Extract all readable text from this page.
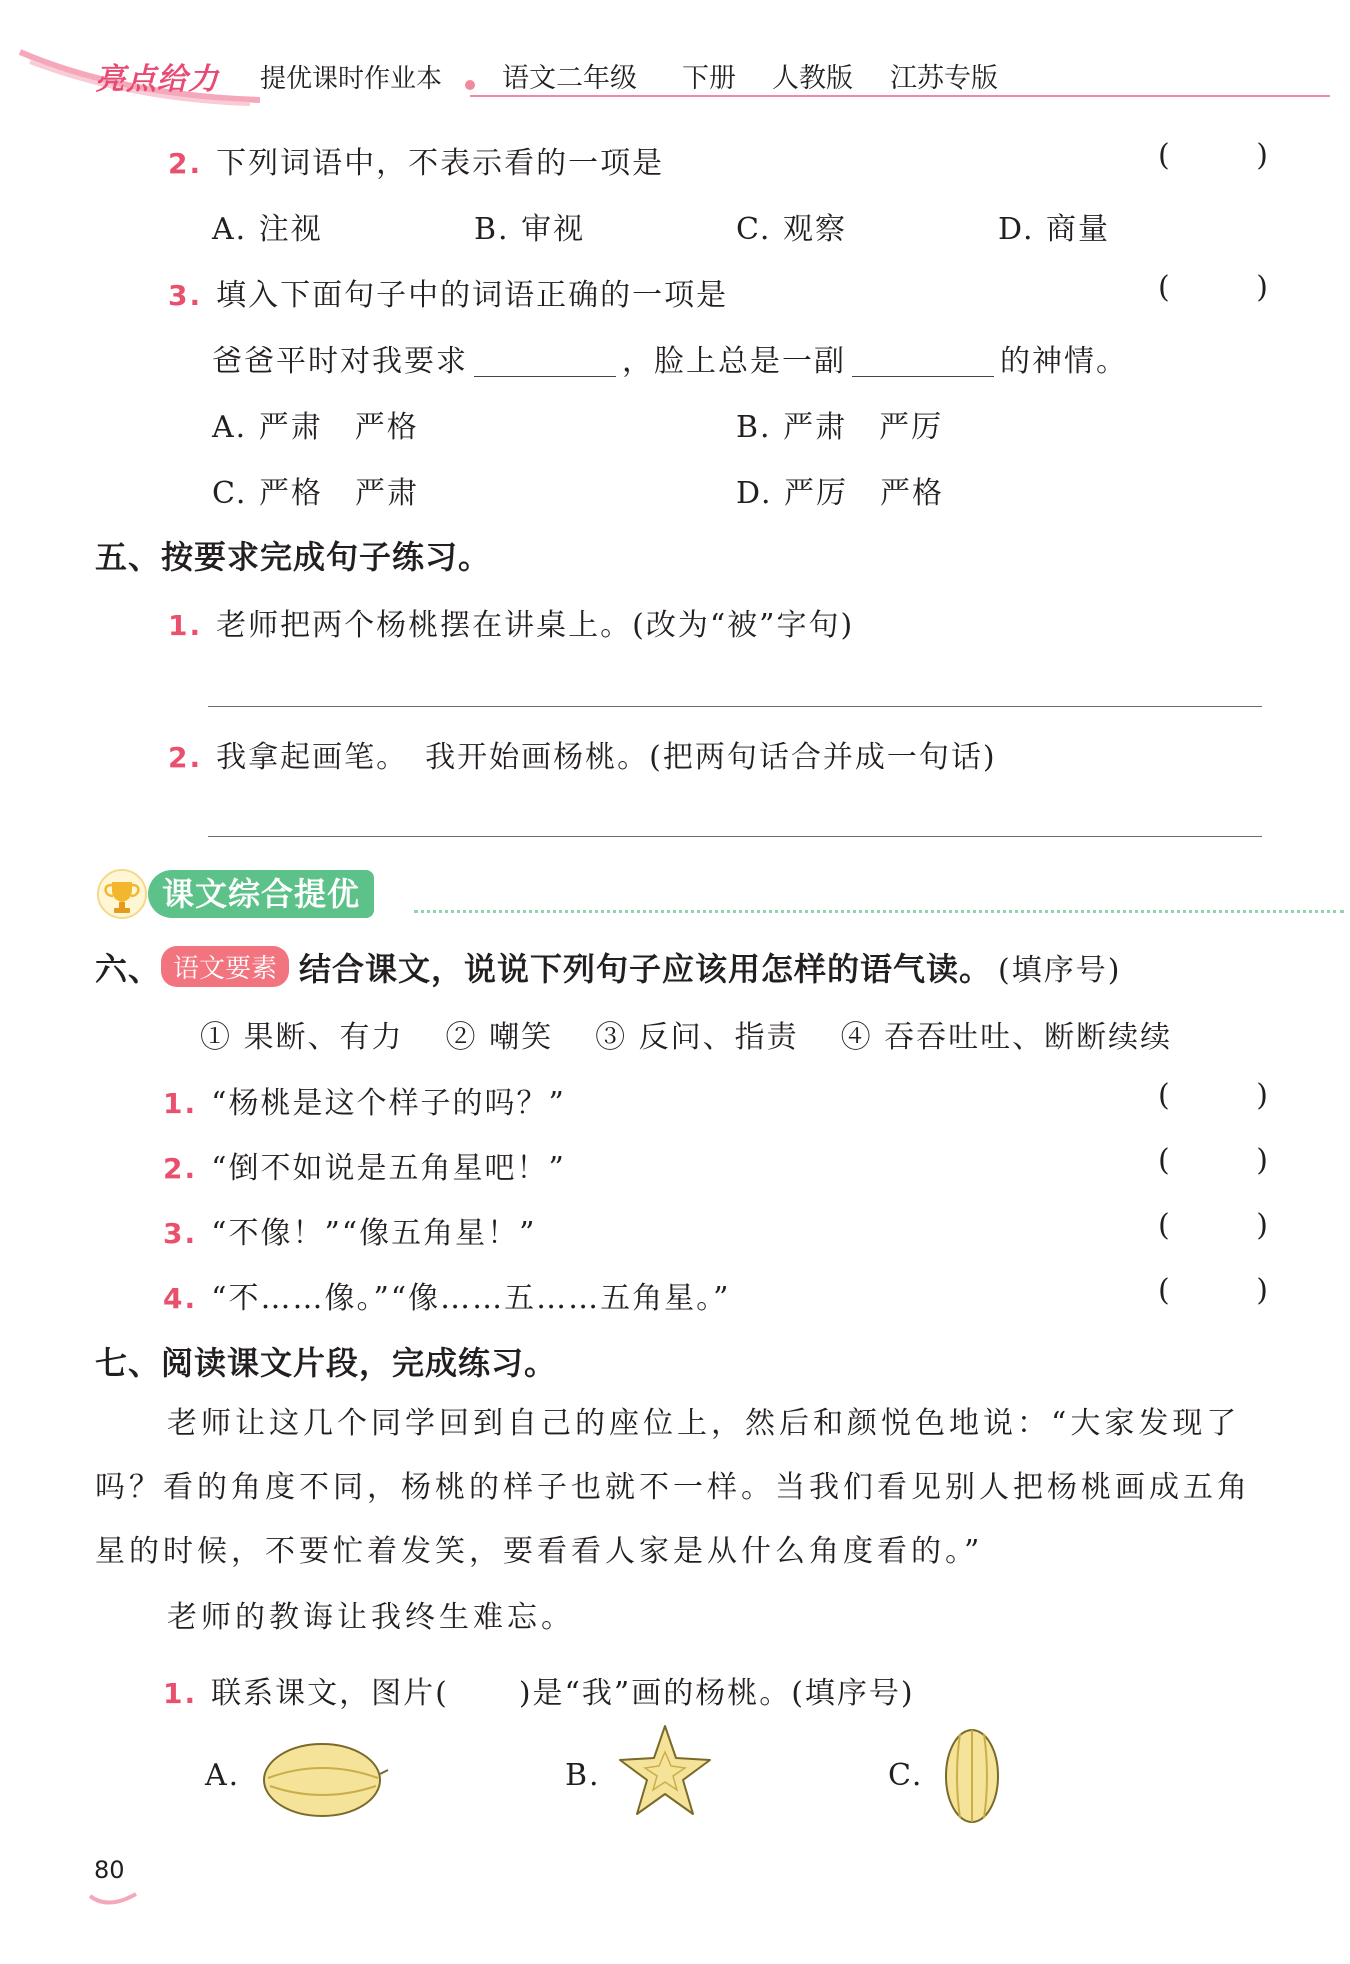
亮点给力 提优课时作业本 语文二年级 下册 人教版 江苏专版
2. 下列词语中，不表示看的一项是	(	)
A. 注视	B. 审视	C. 观察	D. 商量
3. 填入下面句子中的词语正确的一项是	(	)
爸爸平时对我要求	，脸上总是一副	的神情。
A. 严肃　严格	B. 严肃　严厉
C. 严格　严肃	D. 严厉　严格
五、按要求完成句子练习。
1. 老师把两个杨桃摆在讲桌上。(改为“被”字句)
2. 我拿起画笔。　我开始画杨桃。(把两句话合并成一句话)
课文综合提优
六、 语文要素 结合课文，说说下列句子应该用怎样的语气读。 (填序号)
① 果断、有力 ② 嘲笑 ③ 反问、指责 ④ 吞吞吐吐、断断续续
1. “杨桃是这个样子的吗？”	(	)
2. “倒不如说是五角星吧！”	(	)
3. “不像！”“像五角星！”	(	)
4. “不……像。”“像……五……五角星。”	(	)
七、阅读课文片段，完成练习。
老师让这几个同学回到自己的座位上，然后和颜悦色地说：“大家发现了吗？看的角度不同，杨桃的样子也就不一样。当我们看见别人把杨桃画成五角星的时候，不要忙着发笑，要看看人家是从什么角度看的。”
老师的教诲让我终生难忘。
1. 联系课文，图片( )是“我”画的杨桃。(填序号)
A.	B.	C.
80
